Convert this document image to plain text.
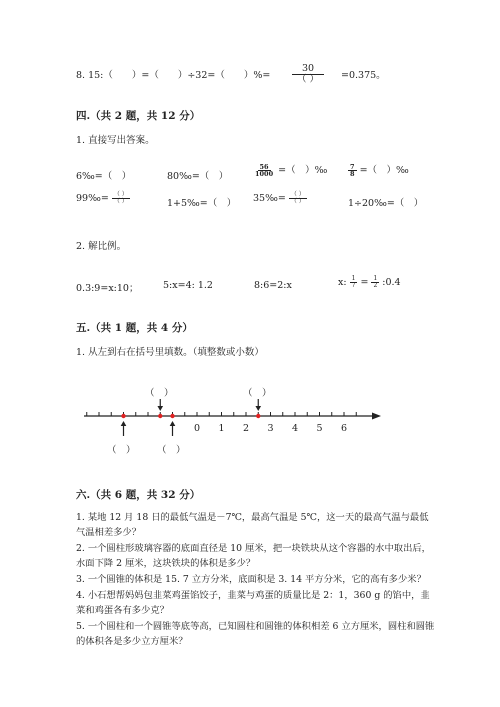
8. 15:（　　）=（　　）÷32=（　　）%= $\frac{30}{( )} =0.375$。
四.（共 2 题，共 12 分）
1. 直接写出答案。
6‰=（　）	80‰=（　）	$\frac{56}{1000}$ =（　）‰	$\frac{7}{8}$ =（　）‰
99‰= $\frac{( )}{( )}$	1+5‰=（　） 35‰= $\frac{( )}{( )}$	1÷20‰=（　）
2. 解比例。
0.3:9=x:10；	5:x=4: 1.2	8:6=2:x	x: $\frac{1}{7} = \frac{1}{2}$ :0.4
五.（共 1 题，共 4 分）
1. 从左到右在括号里填数。（填整数或小数）
（　）	（　）
（　） （　）
0 1 2 3 4 5 6
六.（共 6 题，共 32 分）
1. 某地 12 月 18 日的最低气温是－7℃，最高气温是 5℃，这一天的最高气温与最低气温相差多少？
2. 一个圆柱形玻璃容器的底面直径是 10 厘米，把一块铁块从这个容器的水中取出后，水面下降 2 厘米，这块铁块的体积是多少？
3. 一个圆锥的体积是 15. 7 立方分米，底面积是 3. 14 平方分米，它的高有多少米？
4. 小石想帮妈妈包韭菜鸡蛋馅饺子，韭菜与鸡蛋的质量比是 2：1，360 g 的馅中，韭菜和鸡蛋各有多少克？
5. 一个圆柱和一个圆锥等底等高，已知圆柱和圆锥的体积相差 6 立方厘米，圆柱和圆锥的体积各是多少立方厘米？
